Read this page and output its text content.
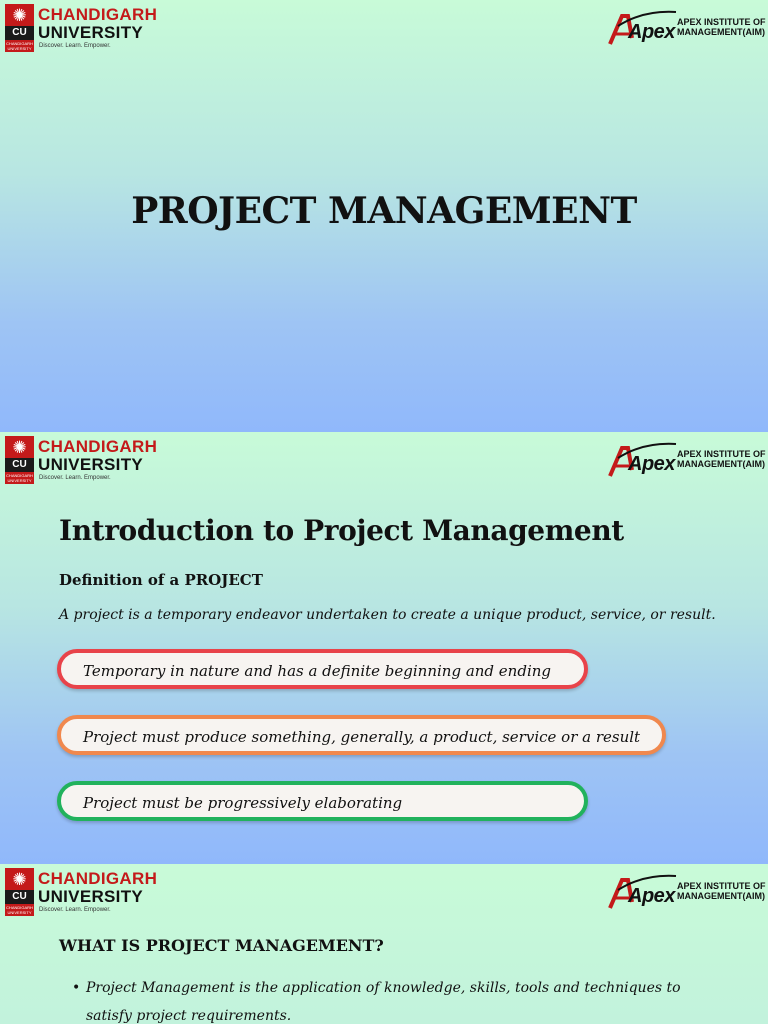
✺
CU
CHANDIGARH UNIVERSITY
CHANDIGARH
UNIVERSITY
Discover. Learn. Empower.
Apex APEX INSTITUTE OF
MANAGEMENT(AIM)
PROJECT MANAGEMENT
✺
CU
CHANDIGARH UNIVERSITY
CHANDIGARH
UNIVERSITY
Discover. Learn. Empower.
Apex APEX INSTITUTE OF
MANAGEMENT(AIM)
Introduction to Project Management
Definition of a PROJECT
A project is a temporary endeavor undertaken to create a unique product, service, or result.
Temporary in nature and has a definite beginning and ending
Project must produce something, generally, a product, service or a result
Project must be progressively elaborating
✺
CU
CHANDIGARH UNIVERSITY
CHANDIGARH
UNIVERSITY
Discover. Learn. Empower.
Apex APEX INSTITUTE OF
MANAGEMENT(AIM)
WHAT IS PROJECT MANAGEMENT?
• Project Management is the application of knowledge, skills, tools and techniques to satisfy project requirements.
